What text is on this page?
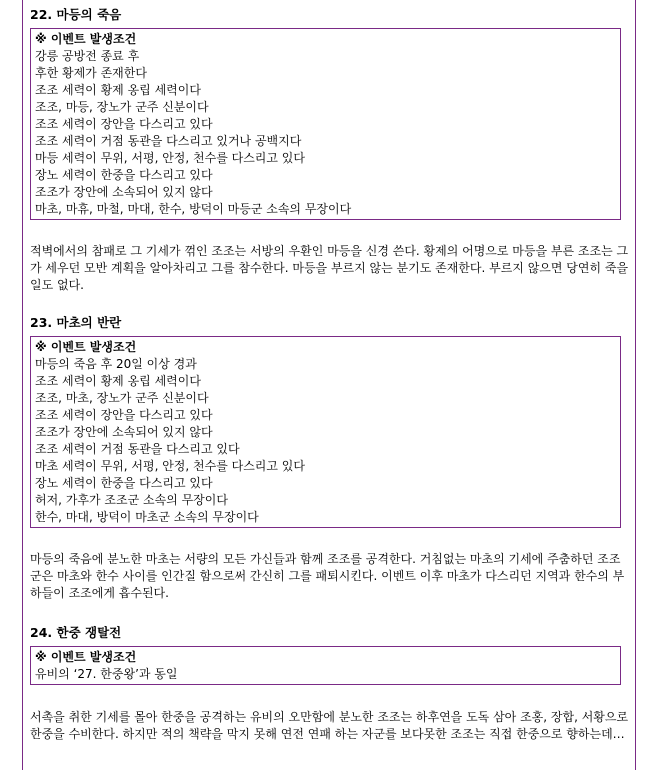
22. 마등의 죽음

※ 이벤트 발생조건
강릉 공방전 종료 후
후한 황제가 존재한다
조조 세력이 황제 옹립 세력이다
조조, 마등, 장노가 군주 신분이다
조조 세력이 장안을 다스리고 있다
조조 세력이 거점 동관을 다스리고 있거나 공백지다
마등 세력이 무위, 서평, 안정, 천수를 다스리고 있다
장노 세력이 한중을 다스리고 있다
조조가 장안에 소속되어 있지 않다
마초, 마휴, 마철, 마대, 한수, 방덕이 마등군 소속의 무장이다

적벽에서의 참패로 그 기세가 꺾인 조조는 서방의 우환인 마등을 신경 쓴다. 황제의 어명으로 마등을 부른 조조는 그가 세우던 모반 계획을 알아차리고 그를 참수한다. 마등을 부르지 않는 분기도 존재한다. 부르지 않으면 당연히 죽을 일도 없다.

23. 마초의 반란

※ 이벤트 발생조건
마등의 죽음 후 20일 이상 경과
조조 세력이 황제 옹립 세력이다
조조, 마초, 장노가 군주 신분이다
조조 세력이 장안을 다스리고 있다
조조가 장안에 소속되어 있지 않다
조조 세력이 거점 동관을 다스리고 있다
마초 세력이 무위, 서평, 안정, 천수를 다스리고 있다
장노 세력이 한중을 다스리고 있다
허저, 가후가 조조군 소속의 무장이다
한수, 마대, 방덕이 마초군 소속의 무장이다

마등의 죽음에 분노한 마초는 서량의 모든 가신들과 함께 조조를 공격한다. 거침없는 마초의 기세에 주춤하던 조조군은 마초와 한수 사이를 인간질 함으로써 간신히 그를 패퇴시킨다. 이벤트 이후 마초가 다스리던 지역과 한수의 부하들이 조조에게 흡수된다.

24. 한중 쟁탈전

※ 이벤트 발생조건
유비의 ‘27. 한중왕’과 동일

서촉을 취한 기세를 몰아 한중을 공격하는 유비의 오만함에 분노한 조조는 하후연을 도독 삼아 조홍, 장합, 서황으로 한중을 수비한다. 하지만 적의 책략을 막지 못해 연전 연패 하는 자군를 보다못한 조조는 직접 한중으로 향하는데…
